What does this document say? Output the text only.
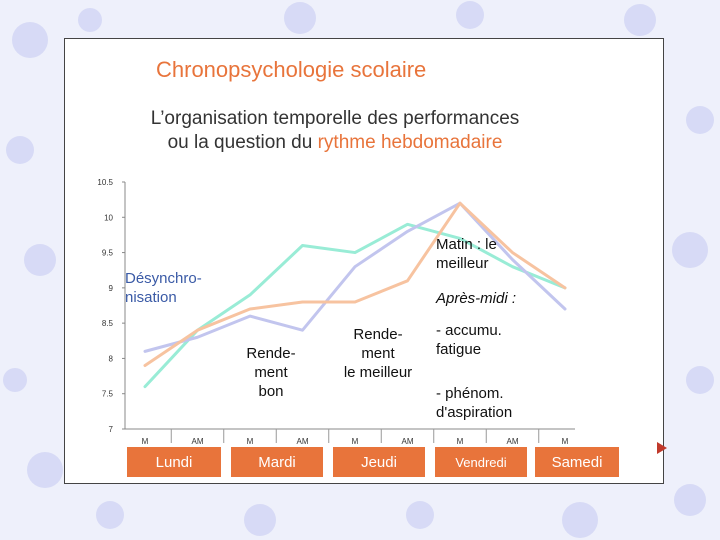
Chronopsychologie scolaire
L’organisation temporelle des performances
ou la question du rythme hebdomadaire
10.5
10
9.5
9
8.5
8
7.5
7
M	AM	M	AM	M	AM	M	AM	M
Désynchro-
nisation
Rende-
ment
bon
Rende-
ment
le meilleur
Matin : le
meilleur
Après-midi :
- accumu.
fatigue
- phénom.
d'aspiration
Lundi	Mardi	Jeudi	Vendredi	Samedi
